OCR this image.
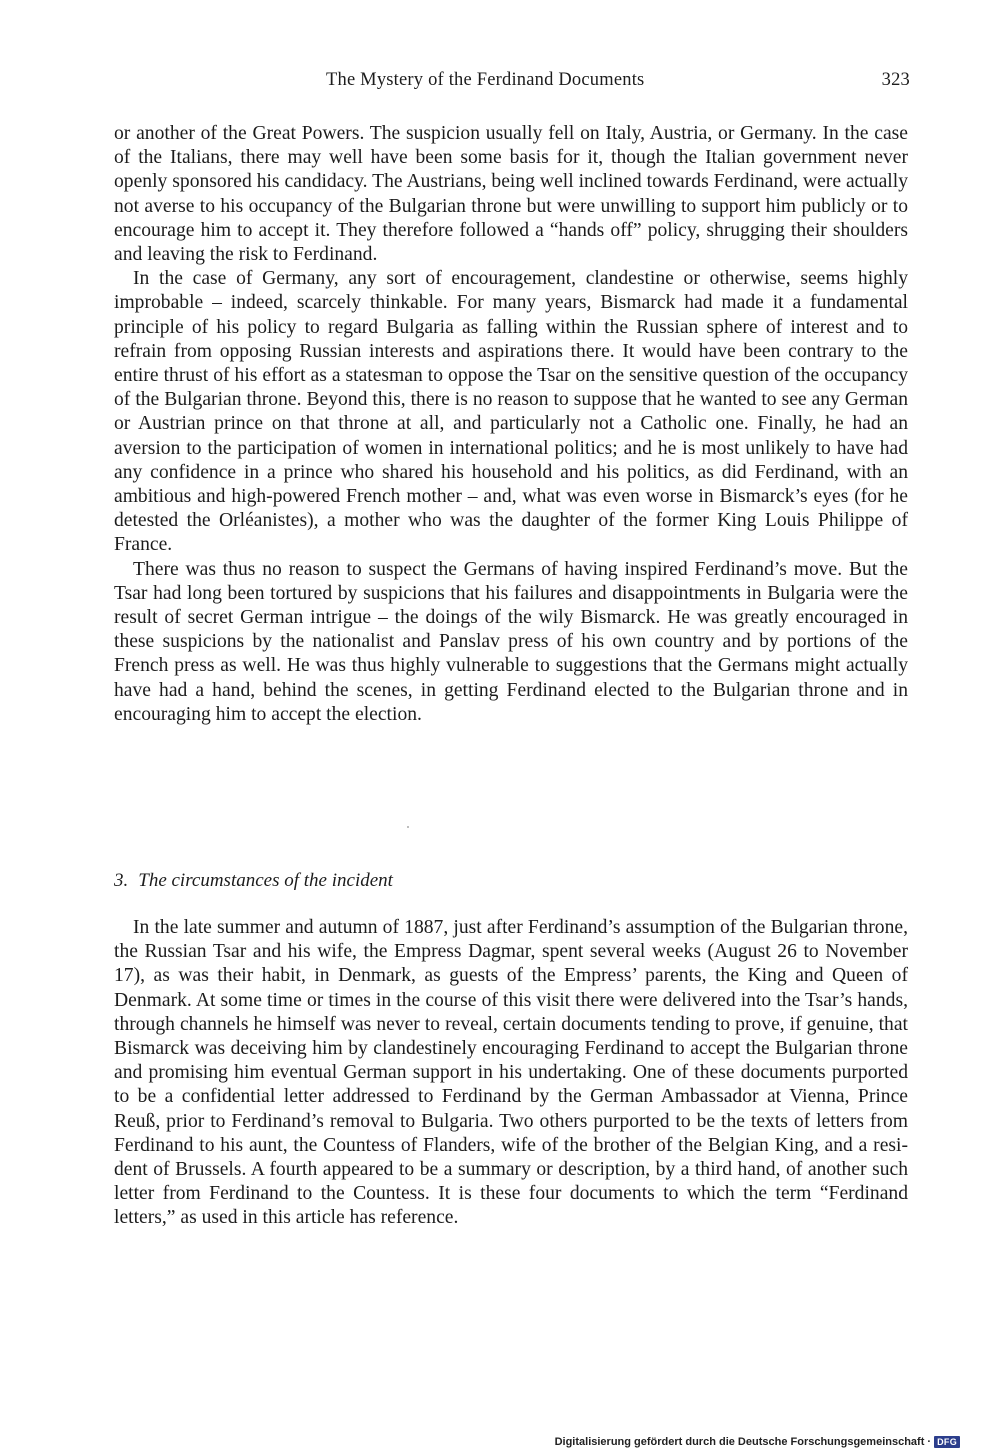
The Mystery of the Ferdinand Documents	323

or another of the Great Powers. The suspicion usually fell on Italy, Austria, or Germany. In the case of the Italians, there may well have been some basis for it, though the Italian government never openly sponsored his candidacy. The Austrians, being well inclined towards Ferdinand, were actually not averse to his occupancy of the Bulgarian throne but were unwilling to support him publicly or to encourage him to accept it. They therefore followed a “hands off” policy, shrugging their shoulders and leaving the risk to Ferdinand.

In the case of Germany, any sort of encouragement, clandestine or otherwise, seems highly improbable – indeed, scarcely thinkable. For many years, Bismarck had made it a fundamental principle of his policy to regard Bulgaria as falling within the Russian sphere of interest and to refrain from opposing Russian interests and aspirations there. It would have been contrary to the entire thrust of his effort as a statesman to oppose the Tsar on the sensitive question of the occupancy of the Bulgarian throne. Beyond this, there is no reason to suppose that he wanted to see any German or Austrian prince on that throne at all, and particularly not a Catholic one. Finally, he had an aversion to the participation of women in international politics; and he is most unlikely to have had any confidence in a prince who shared his household and his politics, as did Ferdinand, with an ambitious and high-powered French mother – and, what was even worse in Bismarck’s eyes (for he detested the Orléanistes), a mother who was the daughter of the former King Louis Philippe of France.

There was thus no reason to suspect the Germans of having inspired Ferdinand’s move. But the Tsar had long been tortured by suspicions that his failures and disappointments in Bulgaria were the result of secret German intrigue – the doings of the wily Bismarck. He was greatly encouraged in these suspicions by the nationalist and Panslav press of his own country and by portions of the French press as well. He was thus highly vulnerable to suggestions that the Germans might actually have had a hand, behind the scenes, in getting Ferdinand elected to the Bulgarian throne and in encouraging him to accept the election.

3. The circumstances of the incident

In the late summer and autumn of 1887, just after Ferdinand’s assumption of the Bulgarian throne, the Russian Tsar and his wife, the Empress Dagmar, spent several weeks (August 26 to November 17), as was their habit, in Denmark, as guests of the Empress’ parents, the King and Queen of Denmark. At some time or times in the course of this visit there were delivered into the Tsar’s hands, through channels he himself was never to reveal, certain documents tending to prove, if genuine, that Bismarck was deceiving him by clandestinely encouraging Ferdinand to accept the Bulgarian throne and promising him eventual German support in his undertaking. One of these documents purported to be a confidential letter addressed to Ferdinand by the German Ambassador at Vienna, Prince Reuß, prior to Ferdinand’s removal to Bulgaria. Two others purported to be the texts of letters from Ferdinand to his aunt, the Countess of Flanders, wife of the brother of the Belgian King, and a resident of Brussels. A fourth appeared to be a summary or description, by a third hand, of another such letter from Ferdinand to the Countess. It is these four documents to which the term “Ferdinand letters,” as used in this article has reference.

Digitalisierung gefördert durch die Deutsche Forschungsgemeinschaft · DFG
